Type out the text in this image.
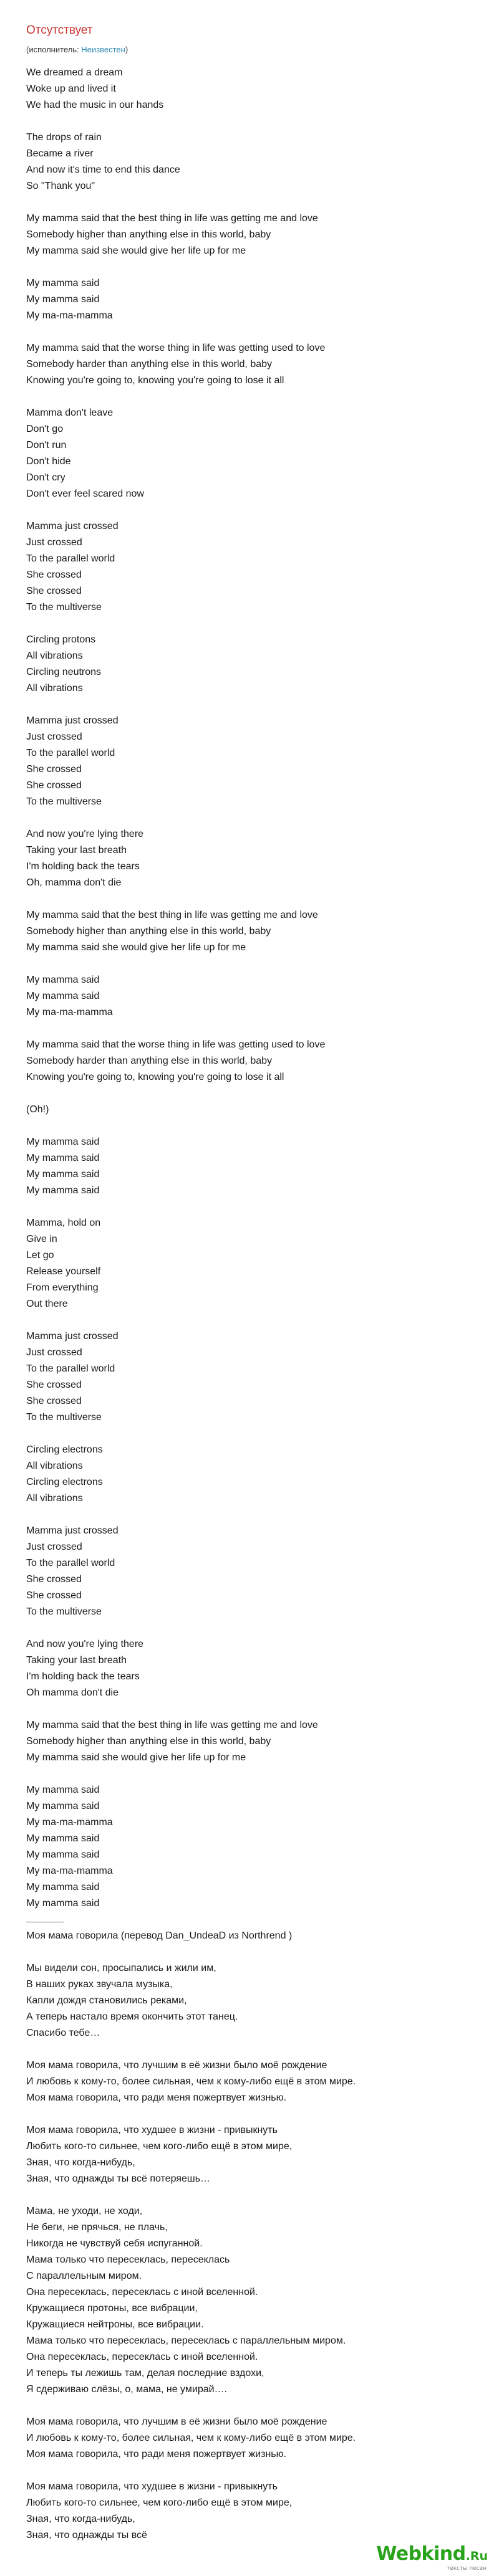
Отсутствует
(исполнитель: Неизвестен)
We dreamed a dream
Woke up and lived it
We had the music in our hands
The drops of rain
Became a river
And now it's time to end this dance
So "Thank you"
My mamma said that the best thing in life was getting me and love
Somebody higher than anything else in this world, baby
My mamma said she would give her life up for me
My mamma said
My mamma said
My ma-ma-mamma
My mamma said that the worse thing in life was getting used to love
Somebody harder than anything else in this world, baby
Knowing you're going to, knowing you're going to lose it all
Mamma don't leave
Don't go
Don't run
Don't hide
Don't cry
Don't ever feel scared now
Mamma just crossed
Just crossed
To the parallel world
She crossed
She crossed
To the multiverse
Circling protons
All vibrations
Circling neutrons
All vibrations
Mamma just crossed
Just crossed
To the parallel world
She crossed
She crossed
To the multiverse
And now you're lying there
Taking your last breath
I'm holding back the tears
Oh, mamma don't die
My mamma said that the best thing in life was getting me and love
Somebody higher than anything else in this world, baby
My mamma said she would give her life up for me
My mamma said
My mamma said
My ma-ma-mamma
My mamma said that the worse thing in life was getting used to love
Somebody harder than anything else in this world, baby
Knowing you're going to, knowing you're going to lose it all
(Oh!)
My mamma said
My mamma said
My mamma said
My mamma said
Mamma, hold on
Give in
Let go
Release yourself
From everything
Out there
Mamma just crossed
Just crossed
To the parallel world
She crossed
She crossed
To the multiverse
Circling electrons
All vibrations
Circling electrons
All vibrations
Mamma just crossed
Just crossed
To the parallel world
She crossed
She crossed
To the multiverse
And now you're lying there
Taking your last breath
I'm holding back the tears
Oh mamma don't die
My mamma said that the best thing in life was getting me and love
Somebody higher than anything else in this world, baby
My mamma said she would give her life up for me
My mamma said
My mamma said
My ma-ma-mamma
My mamma said
My mamma said
My ma-ma-mamma
My mamma said
My mamma said
Моя мама говорила (перевод Dan_UndeaD из Northrend )
Мы видели сон, просыпались и жили им,
В наших руках звучала музыка,
Капли дождя становились реками,
А теперь настало время окончить этот танец.
Спасибо тебе…
Моя мама говорила, что лучшим в её жизни было моё рождение
И любовь к кому-то, более сильная, чем к кому-либо ещё в этом мире.
Моя мама говорила, что ради меня пожертвует жизнью.
Моя мама говорила, что худшее в жизни - привыкнуть
Любить кого-то сильнее, чем кого-либо ещё в этом мире,
Зная, что когда-нибудь,
Зная, что однажды ты всё потеряешь…
Мама, не уходи, не ходи,
Не беги, не прячься, не плачь,
Никогда не чувствуй себя испуганной.
Мама только что пересеклась, пересеклась
С параллельным миром.
Она пересеклась, пересеклась с иной вселенной.
Кружащиеся протоны, все вибрации,
Кружащиеся нейтроны, все вибрации.
Мама только что пересеклась, пересеклась с параллельным миром.
Она пересеклась, пересеклась с иной вселенной.
И теперь ты лежишь там, делая последние вздохи,
Я сдерживаю слёзы, о, мама, не умирай….
Моя мама говорила, что лучшим в её жизни было моё рождение
И любовь к кому-то, более сильная, чем к кому-либо ещё в этом мире.
Моя мама говорила, что ради меня пожертвует жизнью.
Моя мама говорила, что худшее в жизни - привыкнуть
Любить кого-то сильнее, чем кого-либо ещё в этом мире,
Зная, что когда-нибудь,
Зная, что однажды ты всё
Webkind.Ru
тексты песен
